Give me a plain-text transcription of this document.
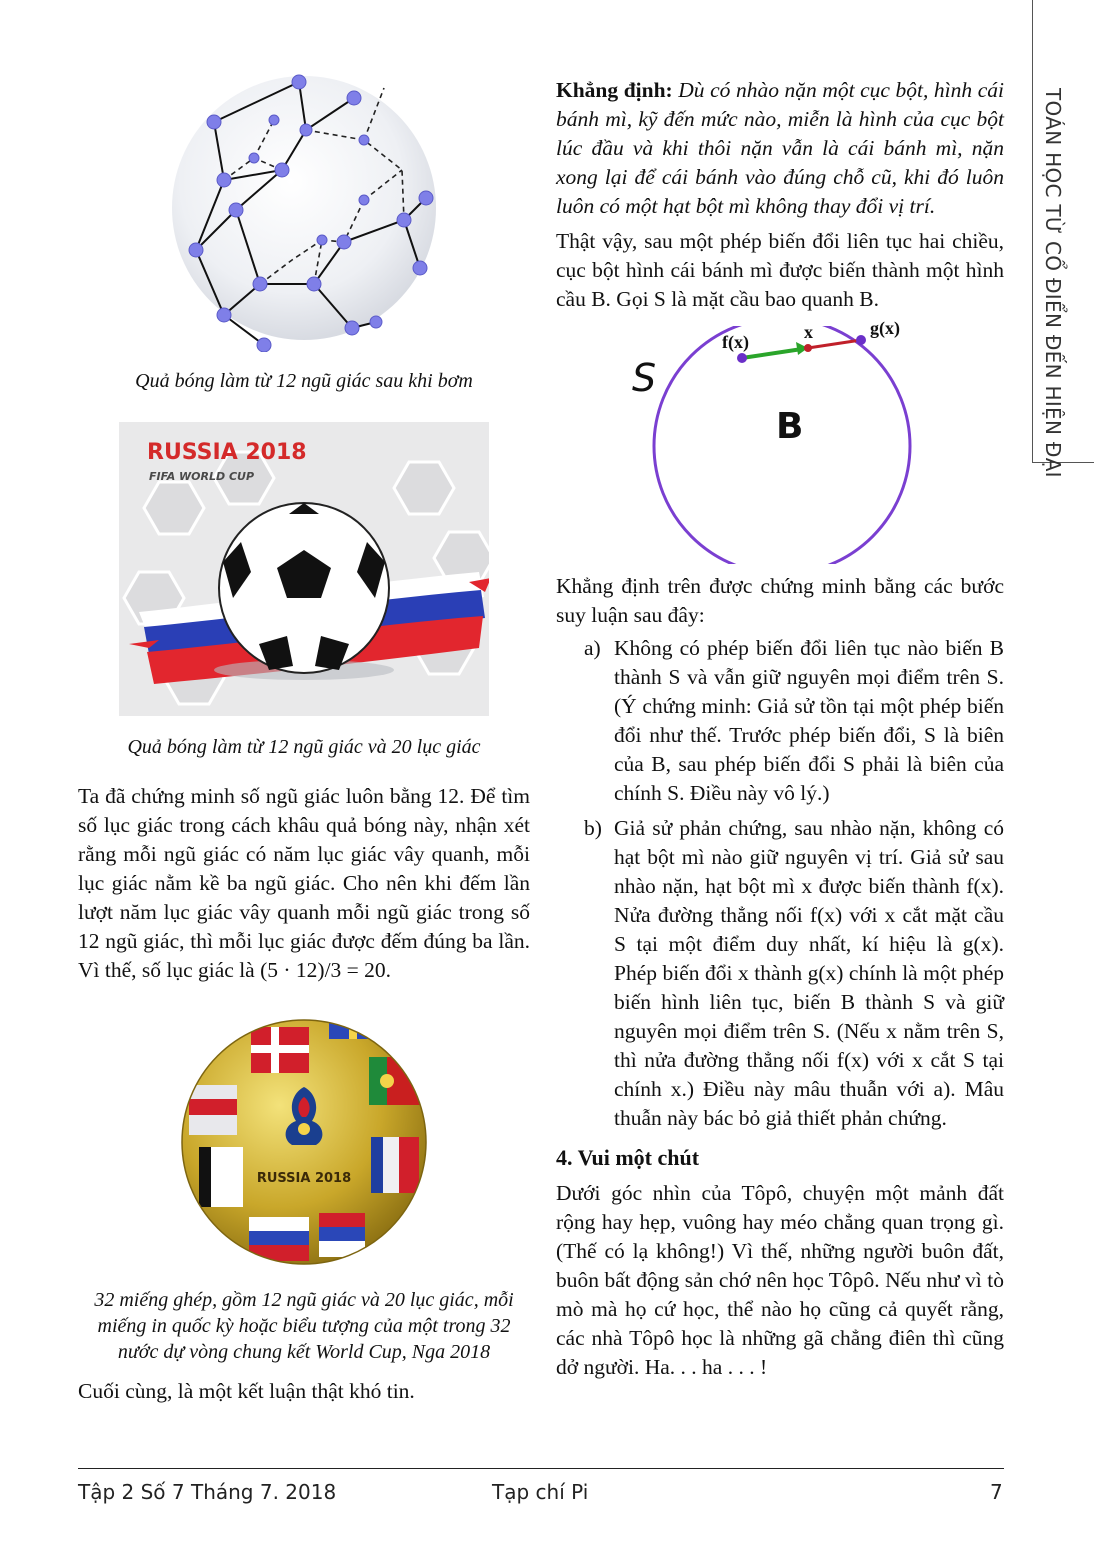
TOÁN HỌC TỪ CỔ ĐIỂN ĐẾN HIỆN ĐẠI

Quả bóng làm từ 12 ngũ giác sau khi bơm

RUSSIA 2018
FIFA WORLD CUP

Quả bóng làm từ 12 ngũ giác và 20 lục giác

Ta đã chứng minh số ngũ giác luôn bằng 12. Để tìm số lục giác trong cách khâu quả bóng này, nhận xét rằng mỗi ngũ giác có năm lục giác vây quanh, mỗi lục giác nằm kề ba ngũ giác. Cho nên khi đếm lần lượt năm lục giác vây quanh mỗi ngũ giác trong số 12 ngũ giác, thì mỗi lục giác được đếm đúng ba lần. Vì thế, số lục giác là (5 · 12)/3 = 20.

RUSSIA 2018

32 miếng ghép, gồm 12 ngũ giác và 20 lục giác, mỗi miếng in quốc kỳ hoặc biểu tượng của một trong 32 nước dự vòng chung kết World Cup, Nga 2018

Cuối cùng, là một kết luận thật khó tin.

Khẳng định: Dù có nhào nặn một cục bột, hình cái bánh mì, kỹ đến mức nào, miễn là hình của cục bột lúc đầu và khi thôi nặn vẫn là cái bánh mì, nặn xong lại để cái bánh vào đúng chỗ cũ, khi đó luôn luôn có một hạt bột mì không thay đổi vị trí.

Thật vậy, sau một phép biến đổi liên tục hai chiều, cục bột hình cái bánh mì được biến thành một hình cầu B. Gọi S là mặt cầu bao quanh B.

S
B
f(x)	x	g(x)

Khẳng định trên được chứng minh bằng các bước suy luận sau đây:

a) Không có phép biến đổi liên tục nào biến B thành S và vẫn giữ nguyên mọi điểm trên S. (Ý chứng minh: Giả sử tồn tại một phép biến đổi như thế. Trước phép biến đổi, S là biên của B, sau phép biến đổi S phải là biên của chính S. Điều này vô lý.)
b) Giả sử phản chứng, sau nhào nặn, không có hạt bột mì nào giữ nguyên vị trí. Giả sử sau nhào nặn, hạt bột mì x được biến thành f(x). Nửa đường thẳng nối f(x) với x cắt mặt cầu S tại một điểm duy nhất, kí hiệu là g(x). Phép biến đổi x thành g(x) chính là một phép biến hình liên tục, biến B thành S và giữ nguyên mọi điểm trên S. (Nếu x nằm trên S, thì nửa đường thẳng nối f(x) với x cắt S tại chính x.) Điều này mâu thuẫn với a). Mâu thuẫn này bác bỏ giả thiết phản chứng.
4. Vui một chút

Dưới góc nhìn của Tôpô, chuyện một mảnh đất rộng hay hẹp, vuông hay méo chẳng quan trọng gì. (Thế có lạ không!) Vì thế, những người buôn đất, buôn bất động sản chớ nên học Tôpô. Nếu như vì tò mò mà họ cứ học, thể nào họ cũng cả quyết rằng, các nhà Tôpô học là những gã chẳng điên thì cũng dở người. Ha. . . ha . . . !

Tập 2 Số 7 Tháng 7. 2018	Tạp chí Pi	7
